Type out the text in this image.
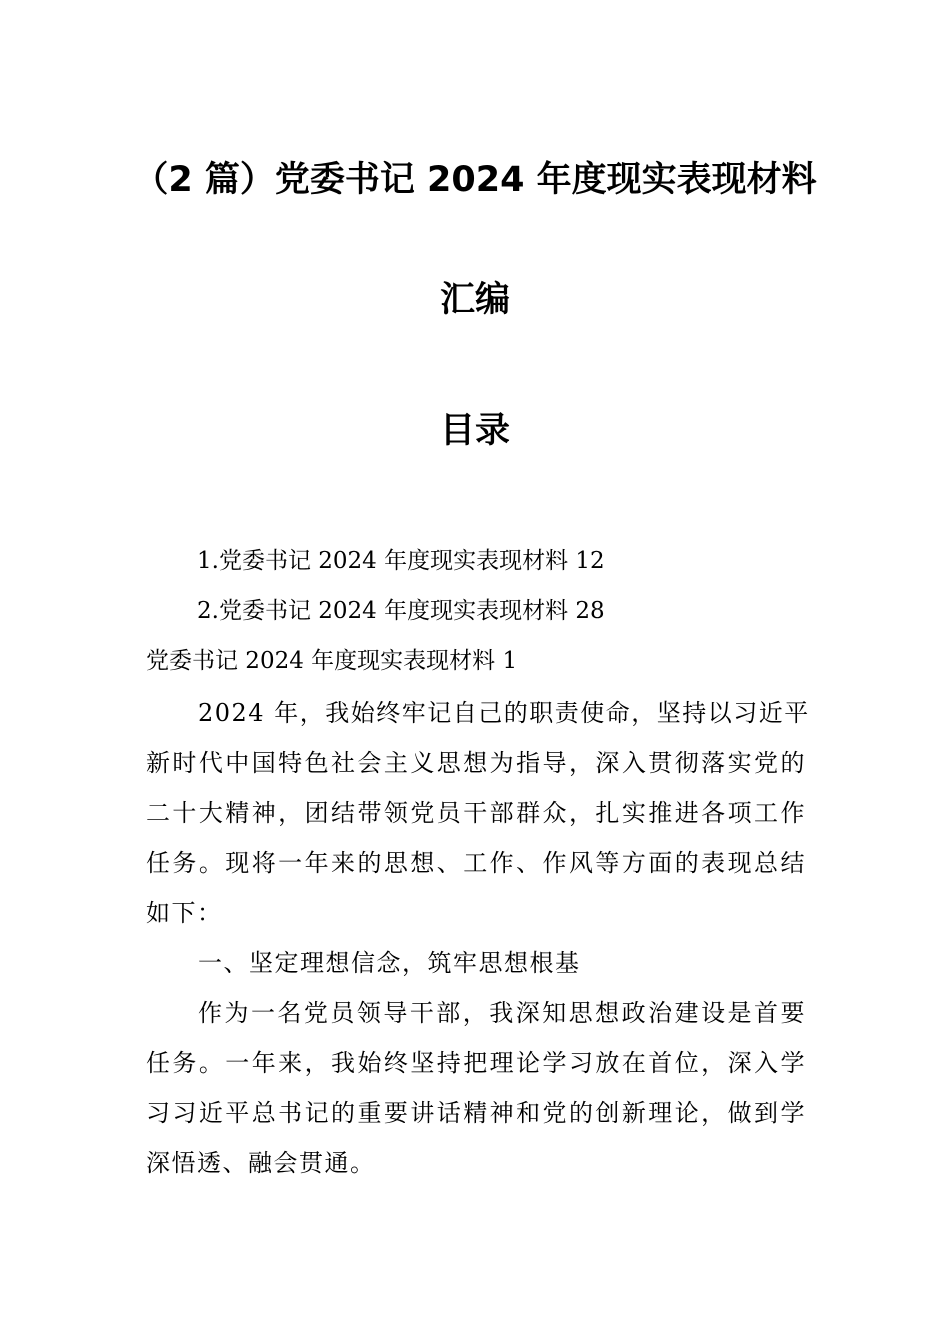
（2 篇）党委书记 2024 年度现实表现材料
汇编
目录
1.党委书记 2024 年度现实表现材料 12
2.党委书记 2024 年度现实表现材料 28
党委书记 2024 年度现实表现材料 1
2024 年，我始终牢记自己的职责使命，坚持以习近平
新时代中国特色社会主义思想为指导，深入贯彻落实党的
二十大精神，团结带领党员干部群众，扎实推进各项工作
任务。现将一年来的思想、工作、作风等方面的表现总结
如下：
一、坚定理想信念，筑牢思想根基
作为一名党员领导干部，我深知思想政治建设是首要
任务。一年来，我始终坚持把理论学习放在首位，深入学
习习近平总书记的重要讲话精神和党的创新理论，做到学
深悟透、融会贯通。
